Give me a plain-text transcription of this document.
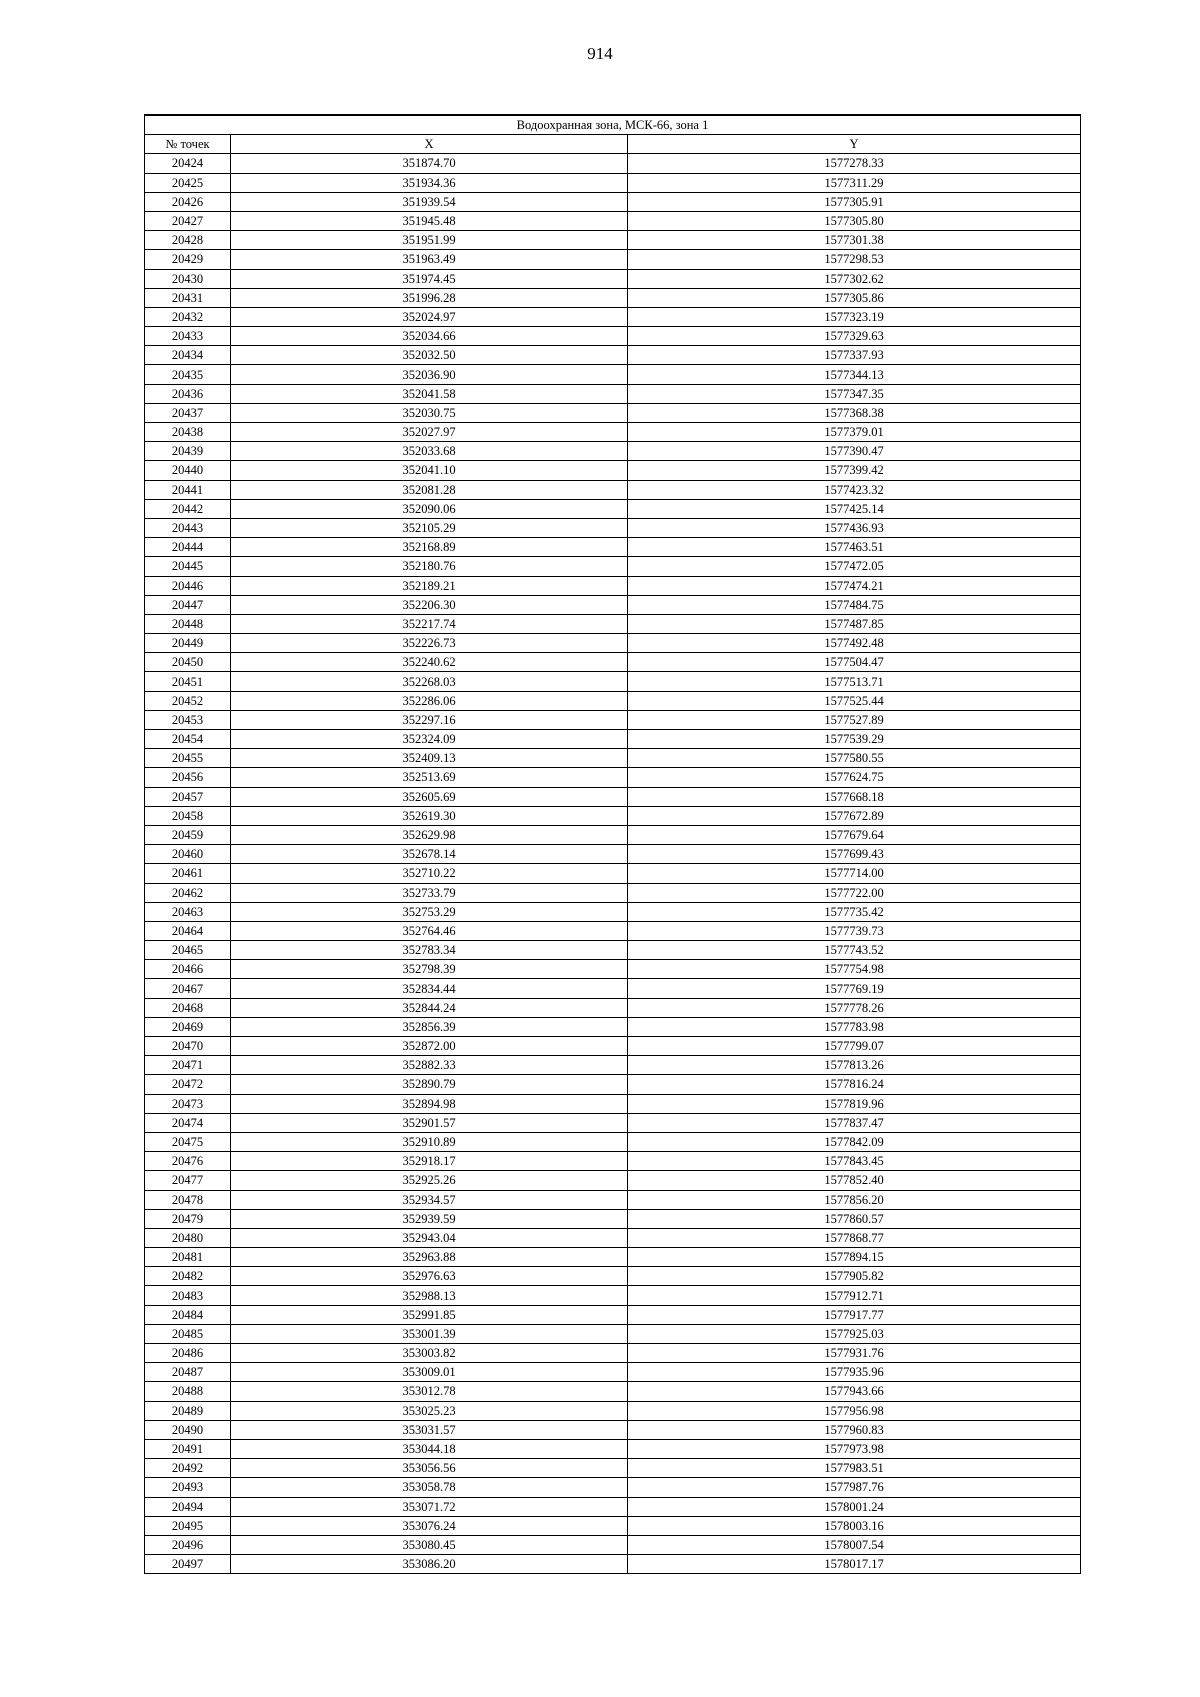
914
Водоохранная зона, МСК-66, зона 1		
№ точек	X	Y
20424	351874.70	1577278.33
20425	351934.36	1577311.29
20426	351939.54	1577305.91
20427	351945.48	1577305.80
20428	351951.99	1577301.38
20429	351963.49	1577298.53
20430	351974.45	1577302.62
20431	351996.28	1577305.86
20432	352024.97	1577323.19
20433	352034.66	1577329.63
20434	352032.50	1577337.93
20435	352036.90	1577344.13
20436	352041.58	1577347.35
20437	352030.75	1577368.38
20438	352027.97	1577379.01
20439	352033.68	1577390.47
20440	352041.10	1577399.42
20441	352081.28	1577423.32
20442	352090.06	1577425.14
20443	352105.29	1577436.93
20444	352168.89	1577463.51
20445	352180.76	1577472.05
20446	352189.21	1577474.21
20447	352206.30	1577484.75
20448	352217.74	1577487.85
20449	352226.73	1577492.48
20450	352240.62	1577504.47
20451	352268.03	1577513.71
20452	352286.06	1577525.44
20453	352297.16	1577527.89
20454	352324.09	1577539.29
20455	352409.13	1577580.55
20456	352513.69	1577624.75
20457	352605.69	1577668.18
20458	352619.30	1577672.89
20459	352629.98	1577679.64
20460	352678.14	1577699.43
20461	352710.22	1577714.00
20462	352733.79	1577722.00
20463	352753.29	1577735.42
20464	352764.46	1577739.73
20465	352783.34	1577743.52
20466	352798.39	1577754.98
20467	352834.44	1577769.19
20468	352844.24	1577778.26
20469	352856.39	1577783.98
20470	352872.00	1577799.07
20471	352882.33	1577813.26
20472	352890.79	1577816.24
20473	352894.98	1577819.96
20474	352901.57	1577837.47
20475	352910.89	1577842.09
20476	352918.17	1577843.45
20477	352925.26	1577852.40
20478	352934.57	1577856.20
20479	352939.59	1577860.57
20480	352943.04	1577868.77
20481	352963.88	1577894.15
20482	352976.63	1577905.82
20483	352988.13	1577912.71
20484	352991.85	1577917.77
20485	353001.39	1577925.03
20486	353003.82	1577931.76
20487	353009.01	1577935.96
20488	353012.78	1577943.66
20489	353025.23	1577956.98
20490	353031.57	1577960.83
20491	353044.18	1577973.98
20492	353056.56	1577983.51
20493	353058.78	1577987.76
20494	353071.72	1578001.24
20495	353076.24	1578003.16
20496	353080.45	1578007.54
20497	353086.20	1578017.17
